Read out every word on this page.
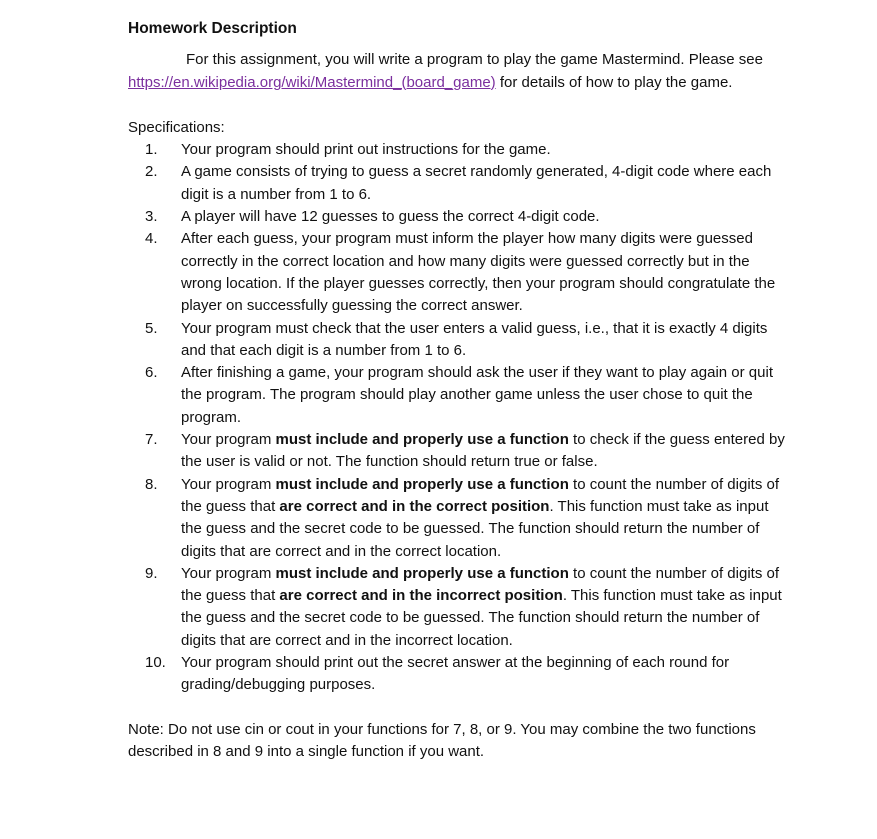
Homework Description

For this assignment, you will write a program to play the game Mastermind. Please see https://en.wikipedia.org/wiki/Mastermind_(board_game) for details of how to play the game.

Specifications:

1.	Your program should print out instructions for the game.
2.	A game consists of trying to guess a secret randomly generated, 4-digit code where each digit is a number from 1 to 6.
3.	A player will have 12 guesses to guess the correct 4-digit code.
4.	After each guess, your program must inform the player how many digits were guessed correctly in the correct location and how many digits were guessed correctly but in the wrong location. If the player guesses correctly, then your program should congratulate the player on successfully guessing the correct answer.
5.	Your program must check that the user enters a valid guess, i.e., that it is exactly 4 digits and that each digit is a number from 1 to 6.
6.	After finishing a game, your program should ask the user if they want to play again or quit the program. The program should play another game unless the user chose to quit the program.
7.	Your program must include and properly use a function to check if the guess entered by the user is valid or not. The function should return true or false.
8.	Your program must include and properly use a function to count the number of digits of the guess that are correct and in the correct position. This function must take as input the guess and the secret code to be guessed. The function should return the number of digits that are correct and in the correct location.
9.	Your program must include and properly use a function to count the number of digits of the guess that are correct and in the incorrect position. This function must take as input the guess and the secret code to be guessed. The function should return the number of digits that are correct and in the incorrect location.
10.	Your program should print out the secret answer at the beginning of each round for grading/debugging purposes.

Note: Do not use cin or cout in your functions for 7, 8, or 9. You may combine the two functions described in 8 and 9 into a single function if you want.
